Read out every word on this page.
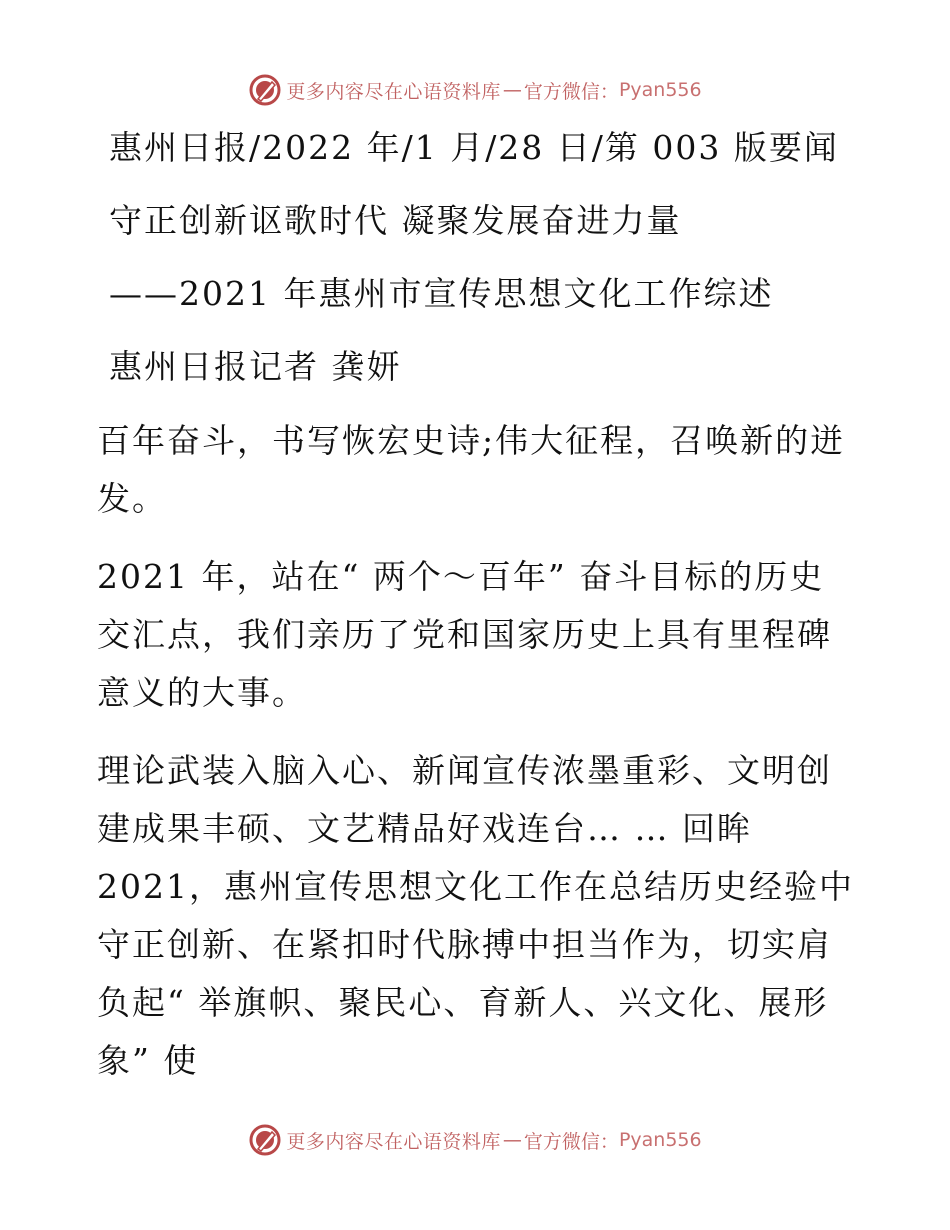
更多内容尽在心语资料库 — 官方微信： Pyan556
惠州日报/2022 年/1 月/28 日/第 003 版要闻
守正创新讴歌时代 凝聚发展奋进力量
——2021 年惠州市宣传思想文化工作综述
惠州日报记者 龚妍

百年奋斗，书写恢宏史诗;伟大征程，召唤新的迸发。

2021 年，站在“ 两个～百年” 奋斗目标的历史交汇点，我们亲历了党和国家历史上具有里程碑意义的大事。

理论武装入脑入心、新闻宣传浓墨重彩、文明创建成果丰硕、文艺精品好戏连台… … 回眸 2021，惠州宣传思想文化工作在总结历史经验中守正创新、在紧扣时代脉搏中担当作为，切实肩负起“ 举旗帜、聚民心、育新人、兴文化、展形象” 使

更多内容尽在心语资料库 — 官方微信： Pyan556
